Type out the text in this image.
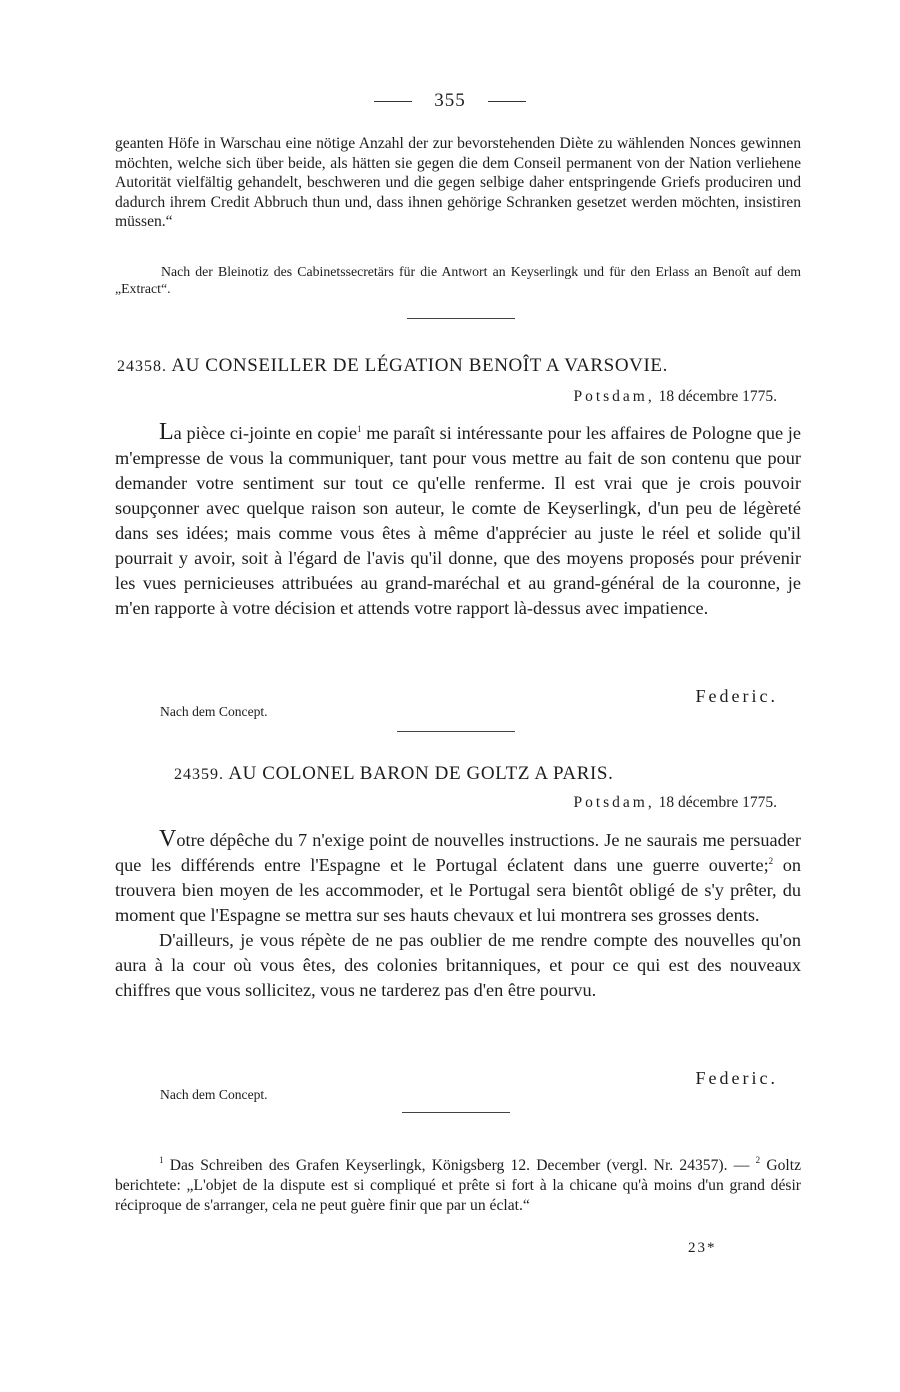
355
geanten Höfe in Warschau eine nötige Anzahl der zur bevorstehenden Diète zu wählenden Nonces gewinnen möchten, welche sich über beide, als hätten sie gegen die dem Conseil permanent von der Nation verliehene Autorität vielfältig gehandelt, beschweren und die gegen selbige daher entspringende Griefs produciren und dadurch ihrem Credit Abbruch thun und, dass ihnen gehörige Schranken gesetzet werden möchten, insistiren müssen.“
Nach der Bleinotiz des Cabinetssecretärs für die Antwort an Keyserlingk und für den Erlass an Benoît auf dem „Extract“.
24358. AU CONSEILLER DE LÉGATION BENOÎT A VARSOVIE.
Potsdam, 18 décembre 1775.

La pièce ci-jointe en copie$^1$ me paraît si intéressante pour les affaires de Pologne que je m'empresse de vous la communiquer, tant pour vous mettre au fait de son contenu que pour demander votre sentiment sur tout ce qu'elle renferme. Il est vrai que je crois pouvoir soupçonner avec quelque raison son auteur, le comte de Keyserlingk, d'un peu de légèreté dans ses idées; mais comme vous êtes à même d'apprécier au juste le réel et solide qu'il pourrait y avoir, soit à l'égard de l'avis qu'il donne, que des moyens proposés pour prévenir les vues pernicieuses attribuées au grand-maréchal et au grand-général de la couronne, je m'en rapporte à votre décision et attends votre rapport là-dessus avec impatience.

Federic.
Nach dem Concept.
24359. AU COLONEL BARON DE GOLTZ A PARIS.
Potsdam, 18 décembre 1775.

Votre dépêche du 7 n'exige point de nouvelles instructions. Je ne saurais me persuader que les différends entre l'Espagne et le Portugal éclatent dans une guerre ouverte;$^2$ on trouvera bien moyen de les accommoder, et le Portugal sera bientôt obligé de s'y prêter, du moment que l'Espagne se mettra sur ses hauts chevaux et lui montrera ses grosses dents.

D'ailleurs, je vous répète de ne pas oublier de me rendre compte des nouvelles qu'on aura à la cour où vous êtes, des colonies britanniques, et pour ce qui est des nouveaux chiffres que vous sollicitez, vous ne tarderez pas d'en être pourvu.

Federic.
Nach dem Concept.

$^1$ Das Schreiben des Grafen Keyserlingk, Königsberg 12. December (vergl. Nr. 24357). — $^2$ Goltz berichtete: „L'objet de la dispute est si compliqué et prête si fort à la chicane qu'à moins d'un grand désir réciproque de s'arranger, cela ne peut guère finir que par un éclat.“

23*
